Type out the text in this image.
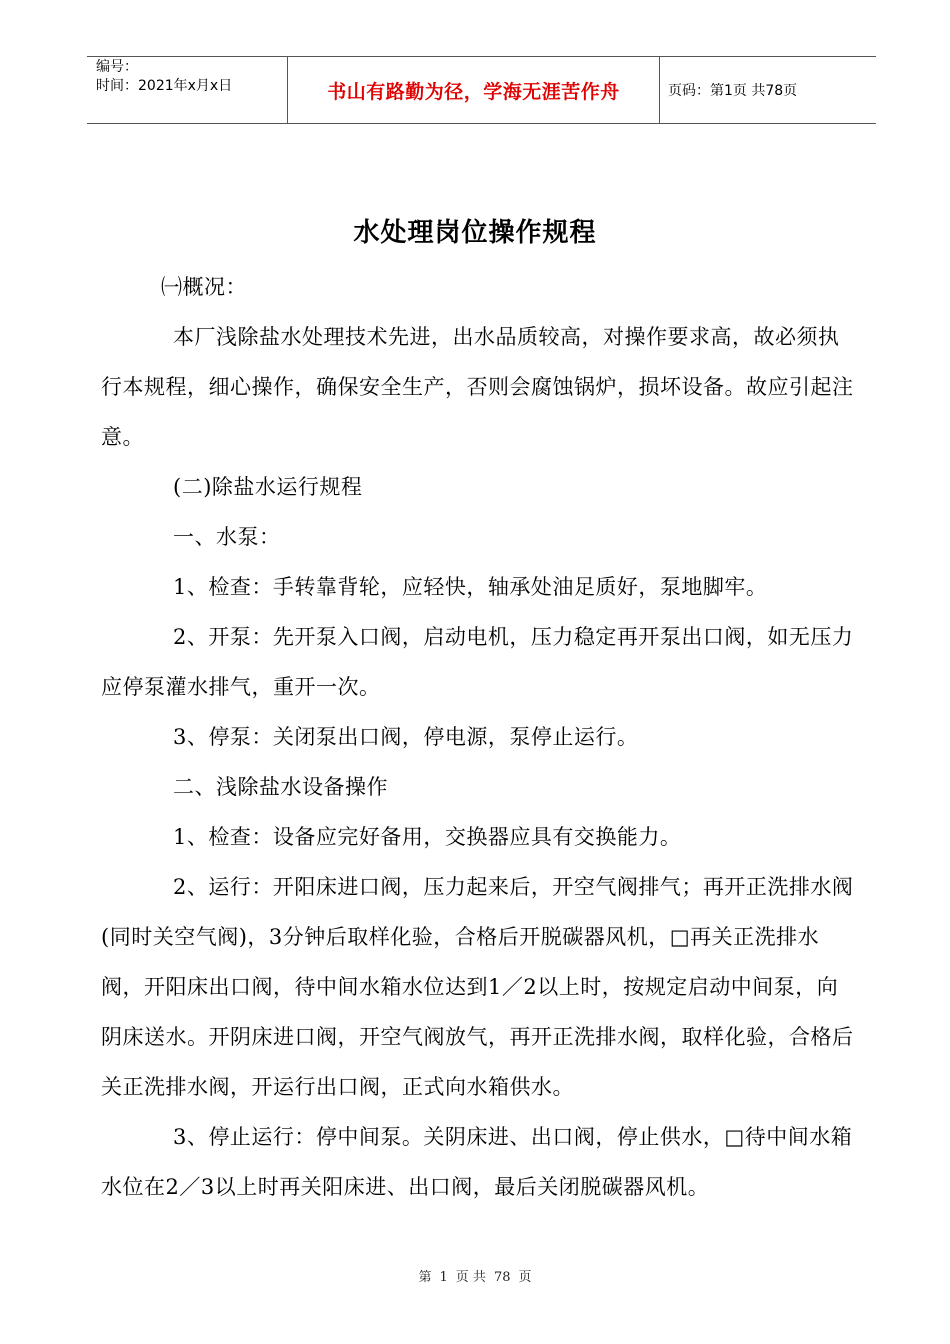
编号：
时间：2021年x月x日	书山有路勤为径，学海无涯苦作舟	页码：第1页 共78页
水处理岗位操作规程

㈠概况：

本厂浅除盐水处理技术先进，出水品质较高，对操作要求高，故必须执行本规程，细心操作，确保安全生产，否则会腐蚀锅炉，损坏设备。故应引起注意。

(二)除盐水运行规程

一、水泵：

1、检查：手转靠背轮，应轻快，轴承处油足质好，泵地脚牢。

2、开泵：先开泵入口阀，启动电机，压力稳定再开泵出口阀，如无压力应停泵灌水排气，重开一次。

3、停泵：关闭泵出口阀，停电源，泵停止运行。

二、浅除盐水设备操作

1、检查：设备应完好备用，交换器应具有交换能力。

2、运行：开阳床进口阀，压力起来后，开空气阀排气；再开正洗排水阀(同时关空气阀)，3分钟后取样化验，合格后开脱碳器风机，□再关正洗排水阀，开阳床出口阀，待中间水箱水位达到1／2以上时，按规定启动中间泵，向阴床送水。开阴床进口阀，开空气阀放气，再开正洗排水阀，取样化验，合格后关正洗排水阀，开运行出口阀，正式向水箱供水。

3、停止运行：停中间泵。关阴床进、出口阀，停止供水，□待中间水箱水位在2／3以上时再关阳床进、出口阀，最后关闭脱碳器风机。

第 1 页 共 78 页
